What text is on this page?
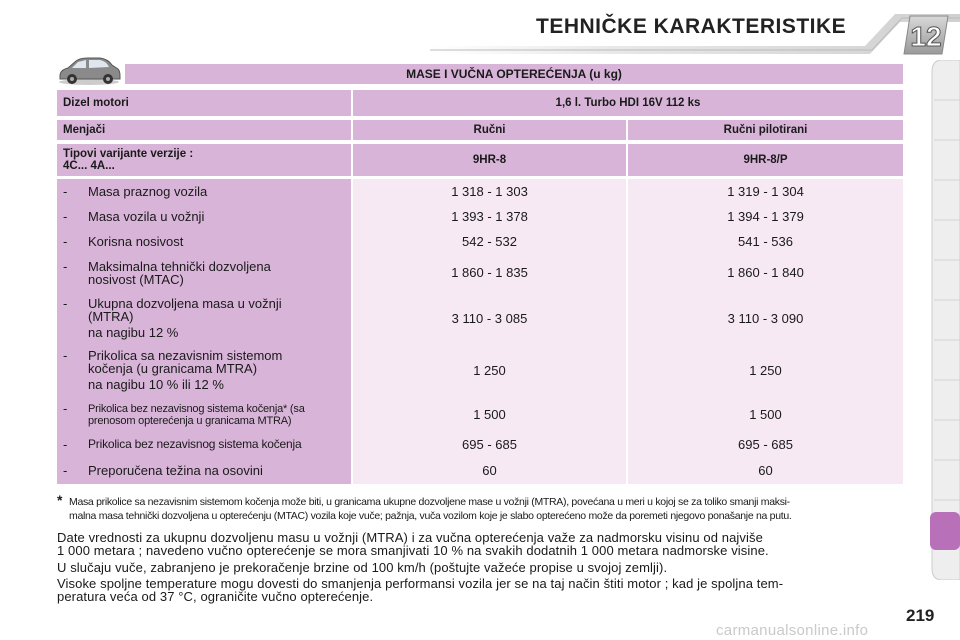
TEHNIČKE KARAKTERISTIKE 12
MASE I VUČNA OPTEREĆENJA (u kg)
Dizel motori	1,6 l. Turbo HDI 16V 112 ks
Menjači	Ručni	Ručni pilotirani
Tipovi varijante verzije :
4C... 4A...	9HR-8	9HR-8/P
- Masa praznog vozila	1 318 - 1 303	1 319 - 1 304
- Masa vozila u vožnji	1 393 - 1 378	1 394 - 1 379
- Korisna nosivost	542 - 532	541 - 536
- Maksimalna tehnički dozvoljena
nosivost (MTAC)	1 860 - 1 835	1 860 - 1 840
- Ukupna dozvoljena masa u vožnji
(MTRA)
na nagibu 12 %
3 110 - 3 085	3 110 - 3 090
- Prikolica sa nezavisnim sistemom
kočenja (u granicama MTRA)
na nagibu 10 % ili 12 %
1 250	1 250
- Prikolica bez nezavisnog sistema kočenja* (sa
prenosom opterećenja u granicama MTRA)	1 500	1 500
- Prikolica bez nezavisnog sistema kočenja	695 - 685	695 - 685
- Preporučena težina na osovini	60	60
* Masa prikolice sa nezavisnim sistemom kočenja može biti, u granicama ukupne dozvoljene mase u vožnji (MTRA), povećana u meri u kojoj se za toliko smanji maksi-
malna masa tehnički dozvoljena u opterećenju (MTAC) vozila koje vuče; pažnja, vuča vozilom koje je slabo opterećeno može da poremeti njegovo ponašanje na putu.
Date vrednosti za ukupnu dozvoljenu masu u vožnji (MTRA) i za vučna opterećenja važe za nadmorsku visinu od najviše
1 000 metara ; navedeno vučno opterećenje se mora smanjivati 10 % na svakih dodatnih 1 000 metara nadmorske visine.
U slučaju vuče, zabranjeno je prekoračenje brzine od 100 km/h (poštujte važeće propise u svojoj zemlji).
Visoke spoljne temperature mogu dovesti do smanjenja performansi vozila jer se na taj način štiti motor ; kad je spoljna tem-
peratura veća od 37 °C, ograničite vučno opterećenje.
219
carmanualsonline.info
